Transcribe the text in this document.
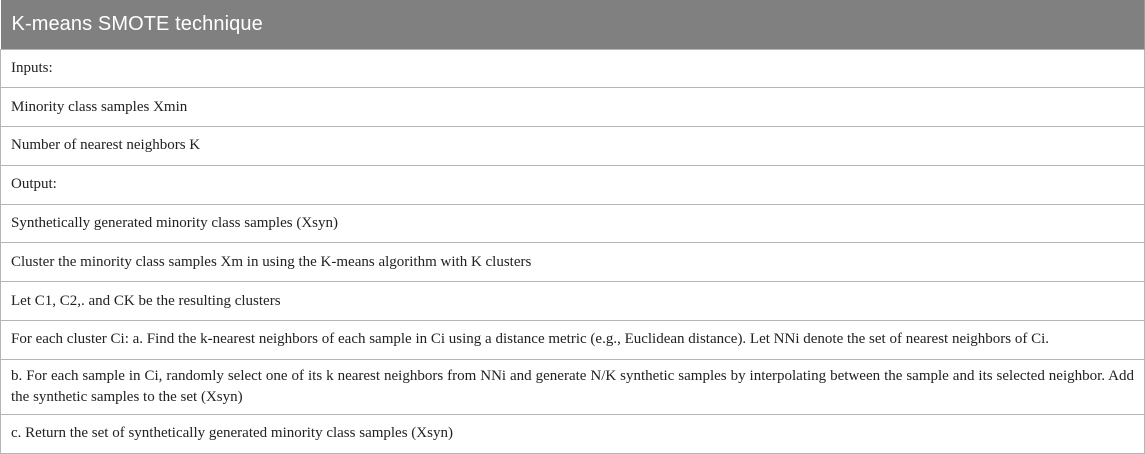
K-means SMOTE technique
Inputs:
Minority class samples Xmin
Number of nearest neighbors K
Output:
Synthetically generated minority class samples (Xsyn)
Cluster the minority class samples Xm in using the K-means algorithm with K clusters
Let C1, C2,. and CK be the resulting clusters
For each cluster Ci: a. Find the k-nearest neighbors of each sample in Ci using a distance metric (e.g., Euclidean distance). Let NNi denote the set of nearest neighbors of Ci.

b. For each sample in Ci, randomly select one of its k nearest neighbors from NNi and generate N/K synthetic samples by interpolating between the sample and its selected neighbor. Add the synthetic samples to the set (Xsyn)

c. Return the set of synthetically generated minority class samples (Xsyn)
